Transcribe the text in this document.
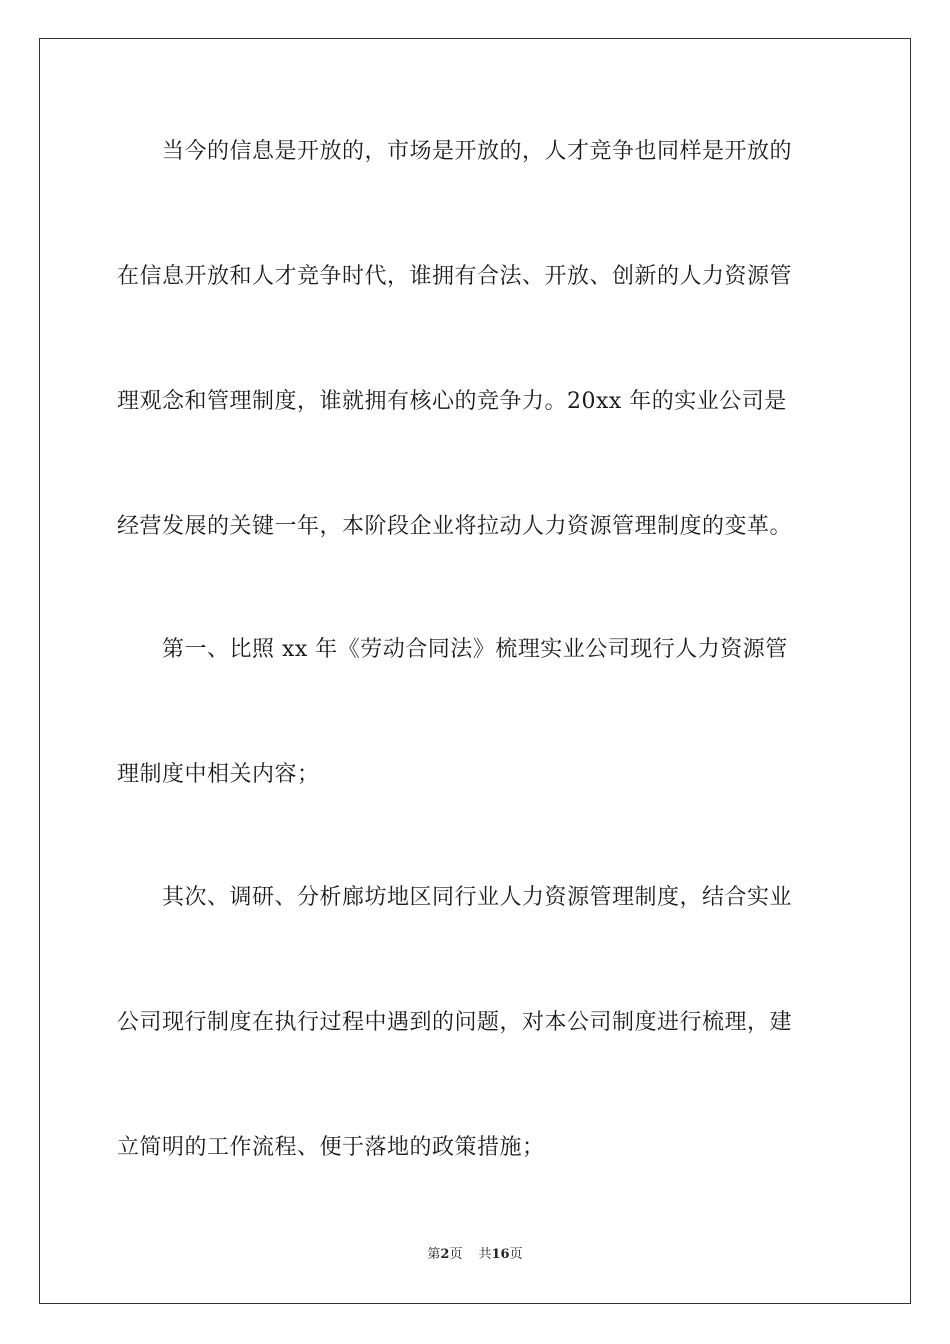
　　当今的信息是开放的，市场是开放的，人才竞争也同样是开放的
在信息开放和人才竞争时代，谁拥有合法、开放、创新的人力资源管
理观念和管理制度，谁就拥有核心的竞争力。20xx 年的实业公司是
经营发展的关键一年，本阶段企业将拉动人力资源管理制度的变革。
　　第一、比照 xx 年《劳动合同法》梳理实业公司现行人力资源管
理制度中相关内容；
　　其次、调研、分析廊坊地区同行业人力资源管理制度，结合实业
公司现行制度在执行过程中遇到的问题，对本公司制度进行梳理，建
立简明的工作流程、便于落地的政策措施；
第2页 共16页
